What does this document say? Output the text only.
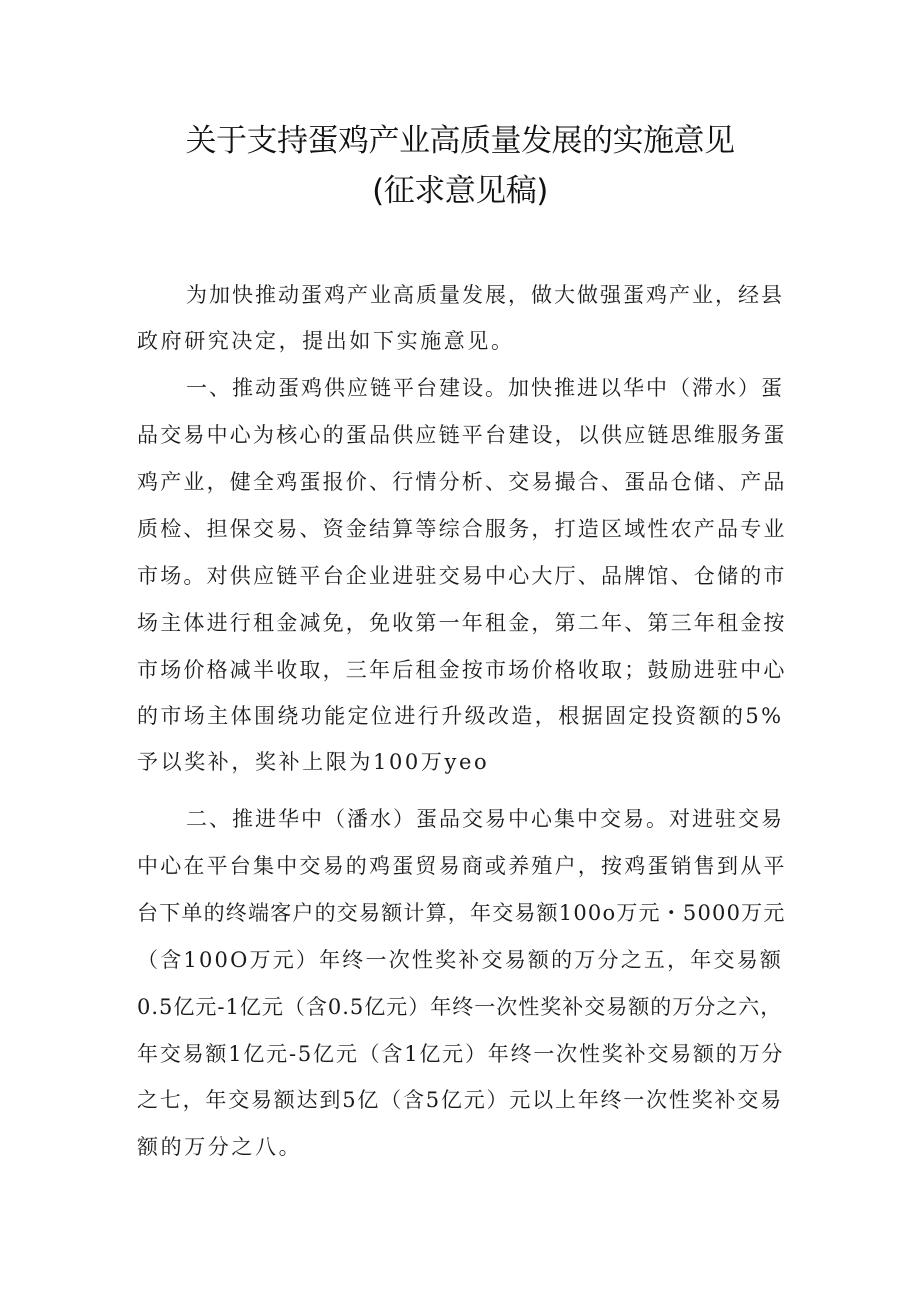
关于支持蛋鸡产业高质量发展的实施意见
(征求意见稿)
为加快推动蛋鸡产业高质量发展，做大做强蛋鸡产业，经县
政府研究决定，提出如下实施意见。
一、推动蛋鸡供应链平台建设。加快推进以华中（滞水）蛋
品交易中心为核心的蛋品供应链平台建设，以供应链思维服务蛋
鸡产业，健全鸡蛋报价、行情分析、交易撮合、蛋品仓储、产品
质检、担保交易、资金结算等综合服务，打造区域性农产品专业
市场。对供应链平台企业进驻交易中心大厅、品牌馆、仓储的市
场主体进行租金减免，免收第一年租金，第二年、第三年租金按
市场价格减半收取，三年后租金按市场价格收取；鼓励进驻中心
的市场主体围绕功能定位进行升级改造，根据固定投资额的5%
予以奖补，奖补上限为100万yeo
二、推进华中（潘水）蛋品交易中心集中交易。对进驻交易
中心在平台集中交易的鸡蛋贸易商或养殖户，按鸡蛋销售到从平
台下单的终端客户的交易额计算，年交易额100o万元・5000万元
（含100O万元）年终一次性奖补交易额的万分之五，年交易额
0.5亿元-1亿元（含0.5亿元）年终一次性奖补交易额的万分之六，
年交易额1亿元-5亿元（含1亿元）年终一次性奖补交易额的万分
之七，年交易额达到5亿（含5亿元）元以上年终一次性奖补交易
额的万分之八。
